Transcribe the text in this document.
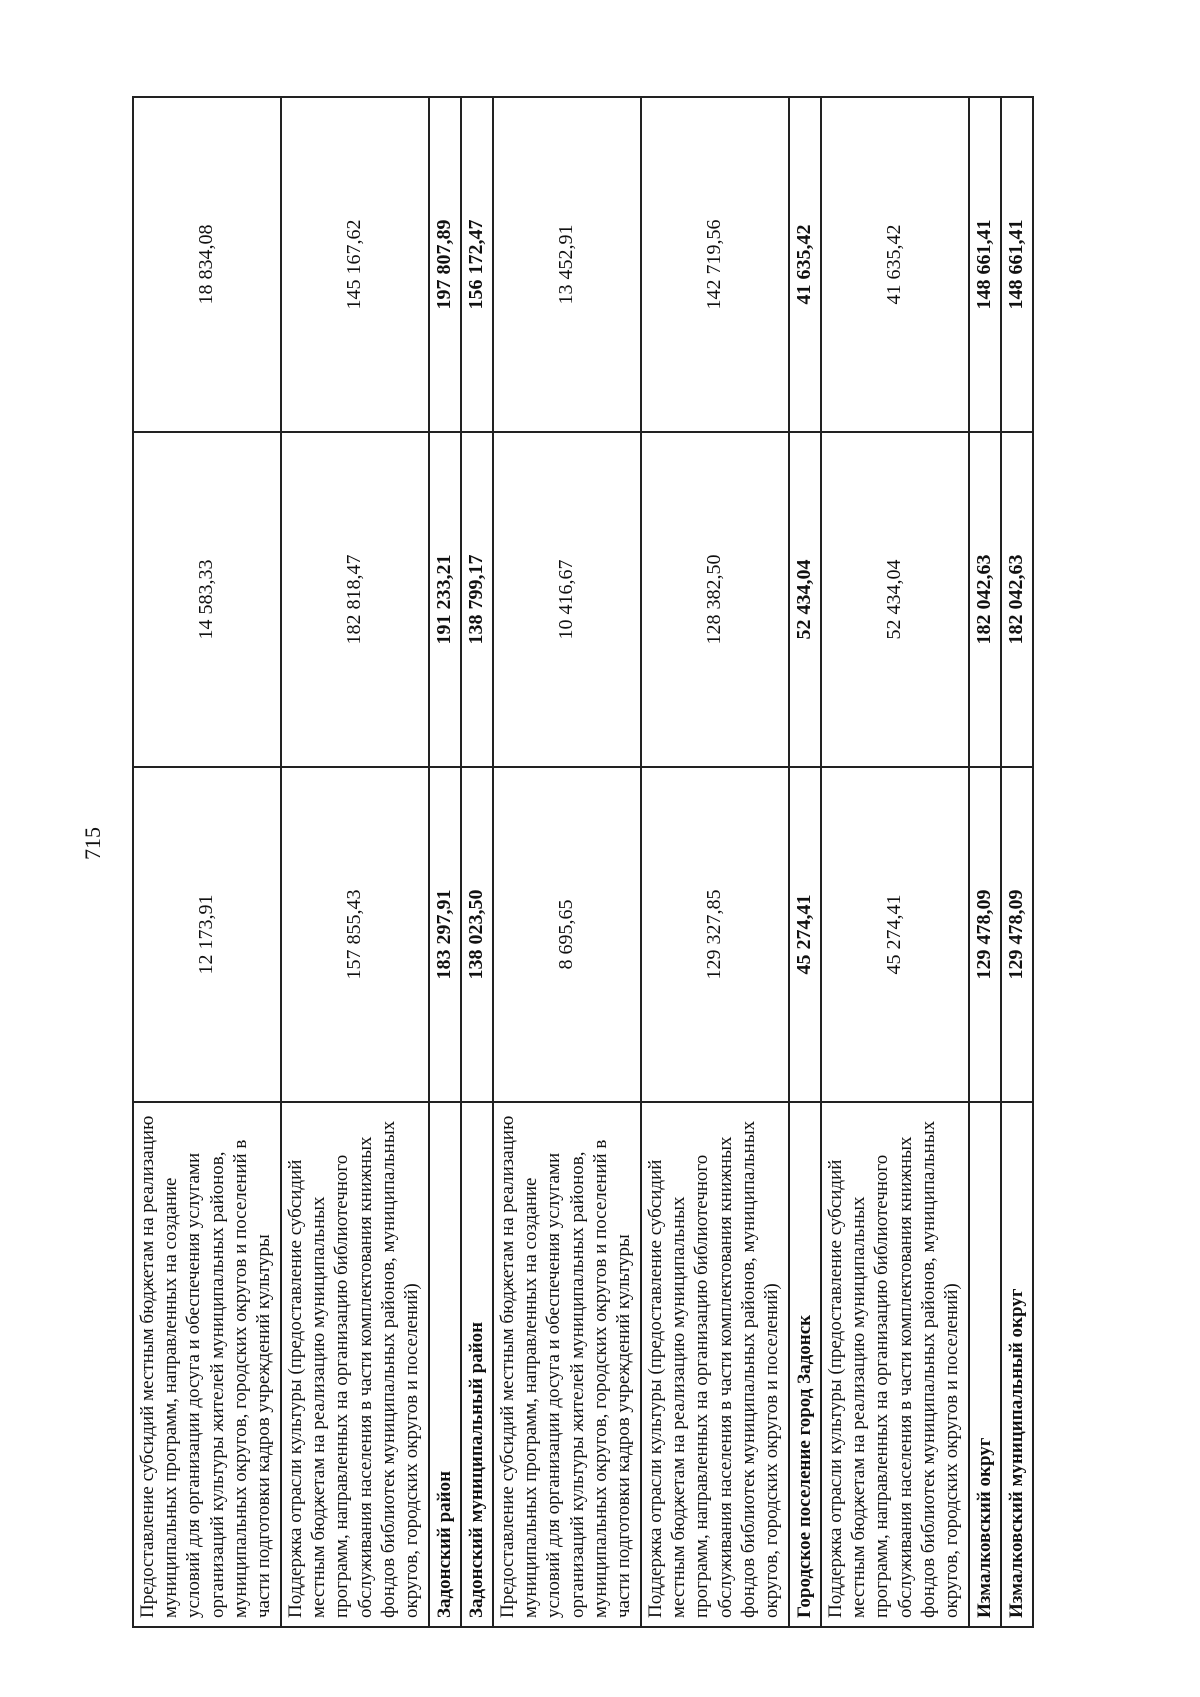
715
Предоставление субсидий местным бюджетам на реализацию муниципальных программ, направленных на создание условий для организации досуга и обеспечения услугами организаций культуры жителей муниципальных районов, муниципальных округов, городских округов и поселений в части подготовки кадров учреждений культуры	12 173,91	14 583,33	18 834,08
Поддержка отрасли культуры (предоставление субсидий местным бюджетам на реализацию муниципальных программ, направленных на организацию библиотечного обслуживания населения в части комплектования книжных фондов библиотек муниципальных районов, муниципальных округов, городских округов и поселений)	157 855,43	182 818,47	145 167,62
Задонский район	183 297,91	191 233,21	197 807,89
Задонский муниципальный район	138 023,50	138 799,17	156 172,47
Предоставление субсидий местным бюджетам на реализацию муниципальных программ, направленных на создание условий для организации досуга и обеспечения услугами организаций культуры жителей муниципальных районов, муниципальных округов, городских округов и поселений в части подготовки кадров учреждений культуры	8 695,65	10 416,67	13 452,91
Поддержка отрасли культуры (предоставление субсидий местным бюджетам на реализацию муниципальных программ, направленных на организацию библиотечного обслуживания населения в части комплектования книжных фондов библиотек муниципальных районов, муниципальных округов, городских округов и поселений)	129 327,85	128 382,50	142 719,56
Городское поселение город Задонск	45 274,41	52 434,04	41 635,42
Поддержка отрасли культуры (предоставление субсидий местным бюджетам на реализацию муниципальных программ, направленных на организацию библиотечного обслуживания населения в части комплектования книжных фондов библиотек муниципальных районов, муниципальных округов, городских округов и поселений)	45 274,41	52 434,04	41 635,42
Измалковский округ	129 478,09	182 042,63	148 661,41
Измалковский муниципальный округ	129 478,09	182 042,63	148 661,41
